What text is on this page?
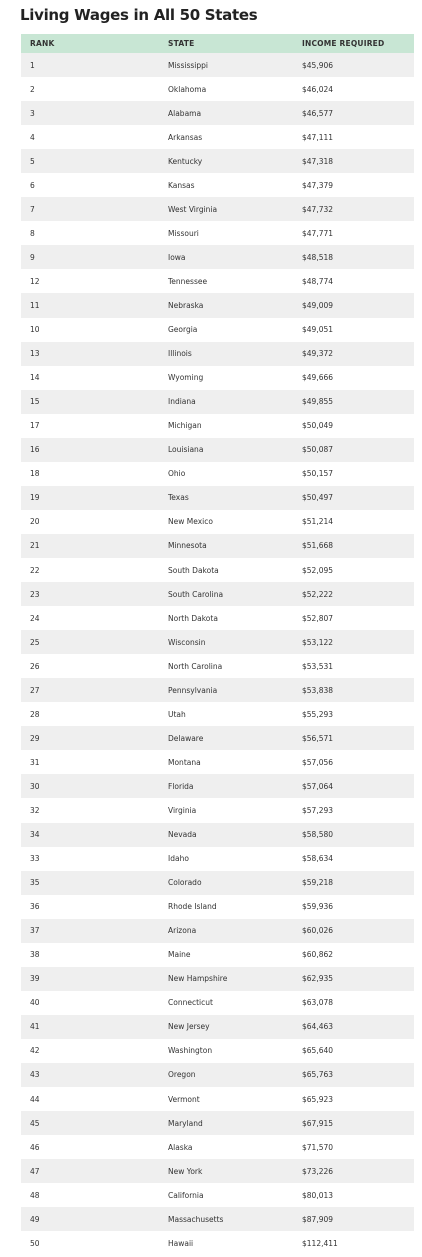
Living Wages in All 50 States
RANK	STATE	INCOME REQUIRED
1	Mississippi	$45,906
2	Oklahoma	$46,024
3	Alabama	$46,577
4	Arkansas	$47,111
5	Kentucky	$47,318
6	Kansas	$47,379
7	West Virginia	$47,732
8	Missouri	$47,771
9	Iowa	$48,518
12	Tennessee	$48,774
11	Nebraska	$49,009
10	Georgia	$49,051
13	Illinois	$49,372
14	Wyoming	$49,666
15	Indiana	$49,855
17	Michigan	$50,049
16	Louisiana	$50,087
18	Ohio	$50,157
19	Texas	$50,497
20	New Mexico	$51,214
21	Minnesota	$51,668
22	South Dakota	$52,095
23	South Carolina	$52,222
24	North Dakota	$52,807
25	Wisconsin	$53,122
26	North Carolina	$53,531
27	Pennsylvania	$53,838
28	Utah	$55,293
29	Delaware	$56,571
31	Montana	$57,056
30	Florida	$57,064
32	Virginia	$57,293
34	Nevada	$58,580
33	Idaho	$58,634
35	Colorado	$59,218
36	Rhode Island	$59,936
37	Arizona	$60,026
38	Maine	$60,862
39	New Hampshire	$62,935
40	Connecticut	$63,078
41	New Jersey	$64,463
42	Washington	$65,640
43	Oregon	$65,763
44	Vermont	$65,923
45	Maryland	$67,915
46	Alaska	$71,570
47	New York	$73,226
48	California	$80,013
49	Massachusetts	$87,909
50	Hawaii	$112,411
